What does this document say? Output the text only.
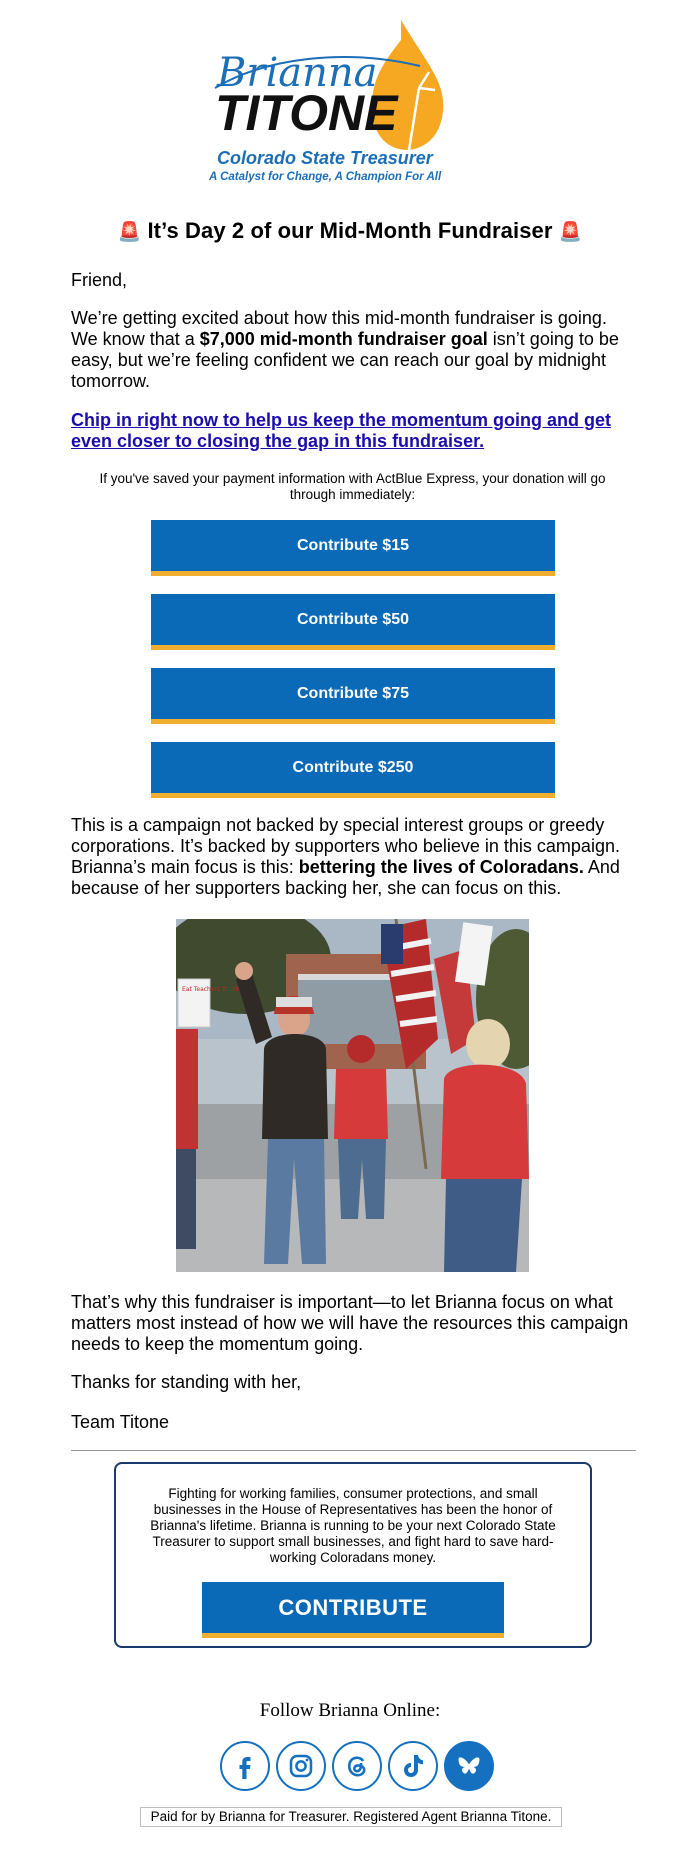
Brianna
TITONE
Colorado State Treasurer
A Catalyst for Change, A Champion For All
🚨 It’s Day 2 of our Mid-Month Fundraiser 🚨
Friend,
We’re getting excited about how this mid-month fundraiser is going. We know that a $7,000 mid-month fundraiser goal isn’t going to be easy, but we’re feeling confident we can reach our goal by midnight tomorrow.
Chip in right now to help us keep the momentum going and get even closer to closing the gap in this fundraiser.
If you've saved your payment information with ActBlue Express, your donation will go through immediately:
Contribute $15
Contribute $50
Contribute $75
Contribute $250
This is a campaign not backed by special interest groups or greedy corporations. It’s backed by supporters who believe in this campaign. Brianna’s main focus is this: bettering the lives of Coloradans. And because of her supporters backing her, she can focus on this.
Eat Teachers Tr...ch
That’s why this fundraiser is important—to let Brianna focus on what matters most instead of how we will have the resources this campaign needs to keep the momentum going.
Thanks for standing with her,
Team Titone
Fighting for working families, consumer protections, and small businesses in the House of Representatives has been the honor of Brianna's lifetime. Brianna is running to be your next Colorado State Treasurer to support small businesses, and fight hard to save hard-working Coloradans money.
CONTRIBUTE
Follow Brianna Online:
Paid for by Brianna for Treasurer. Registered Agent Brianna Titone.
